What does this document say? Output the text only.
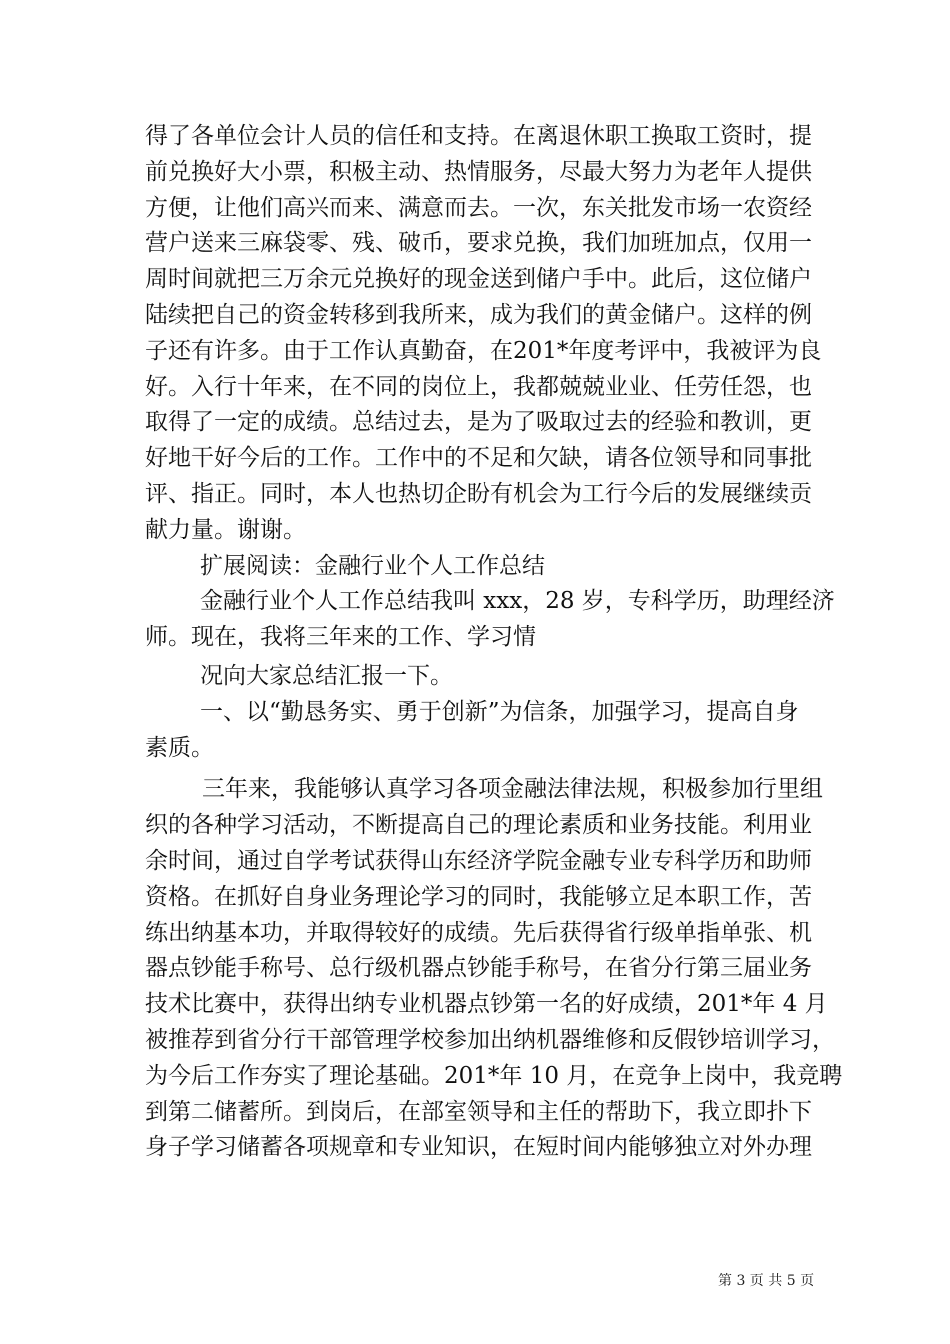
得了各单位会计人员的信任和支持。在离退休职工换取工资时，提
前兑换好大小票，积极主动、热情服务，尽最大努力为老年人提供
方便，让他们高兴而来、满意而去。一次，东关批发市场一农资经
营户送来三麻袋零、残、破币，要求兑换，我们加班加点，仅用一
周时间就把三万余元兑换好的现金送到储户手中。此后，这位储户
陆续把自己的资金转移到我所来，成为我们的黄金储户。这样的例
子还有许多。由于工作认真勤奋，在201*年度考评中，我被评为良
好。入行十年来，在不同的岗位上，我都兢兢业业、任劳任怨，也
取得了一定的成绩。总结过去，是为了吸取过去的经验和教训，更
好地干好今后的工作。工作中的不足和欠缺，请各位领导和同事批
评、指正。同时，本人也热切企盼有机会为工行今后的发展继续贡
献力量。谢谢。
扩展阅读：金融行业个人工作总结
金融行业个人工作总结我叫 xxx，28 岁，专科学历，助理经济
师。现在，我将三年来的工作、学习情
况向大家总结汇报一下。
一、以“勤恳务实、勇于创新”为信条，加强学习，提高自身
素质。
三年来，我能够认真学习各项金融法律法规，积极参加行里组
织的各种学习活动，不断提高自己的理论素质和业务技能。利用业
余时间，通过自学考试获得山东经济学院金融专业专科学历和助师
资格。在抓好自身业务理论学习的同时，我能够立足本职工作，苦
练出纳基本功，并取得较好的成绩。先后获得省行级单指单张、机
器点钞能手称号、总行级机器点钞能手称号，在省分行第三届业务
技术比赛中，获得出纳专业机器点钞第一名的好成绩，201*年 4 月
被推荐到省分行干部管理学校参加出纳机器维修和反假钞培训学习，
为今后工作夯实了理论基础。201*年 10 月，在竞争上岗中，我竞聘
到第二储蓄所。到岗后，在部室领导和主任的帮助下，我立即扑下
身子学习储蓄各项规章和专业知识，在短时间内能够独立对外办理
第 3 页 共 5 页
